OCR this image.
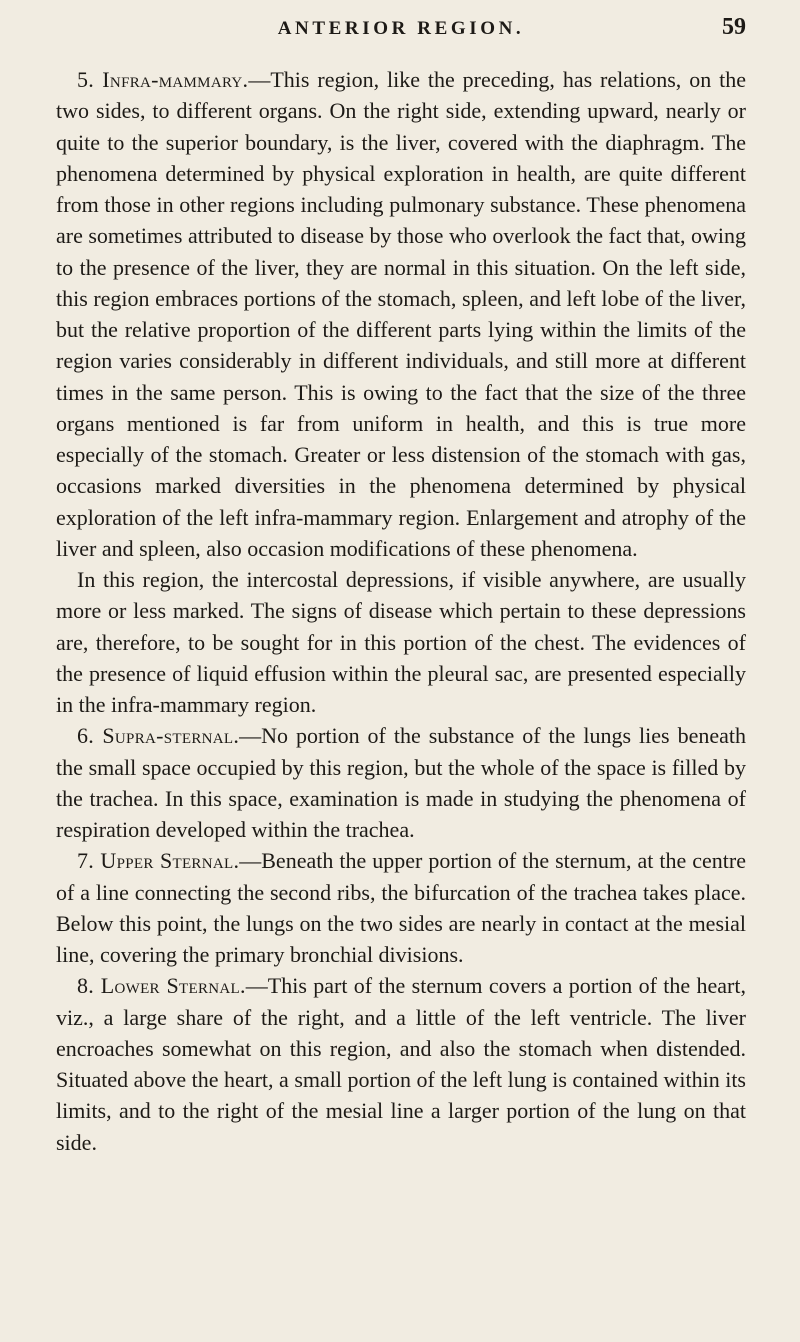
ANTERIOR REGION.	59

5. Infra-mammary.—This region, like the preceding, has relations, on the two sides, to different organs. On the right side, extending upward, nearly or quite to the superior boundary, is the liver, covered with the diaphragm. The phenomena determined by physical exploration in health, are quite different from those in other regions including pulmonary substance. These phenomena are sometimes attributed to disease by those who overlook the fact that, owing to the presence of the liver, they are normal in this situation. On the left side, this region embraces portions of the stomach, spleen, and left lobe of the liver, but the relative proportion of the different parts lying within the limits of the region varies considerably in different individuals, and still more at different times in the same person. This is owing to the fact that the size of the three organs mentioned is far from uniform in health, and this is true more especially of the stomach. Greater or less distension of the stomach with gas, occasions marked diversities in the phenomena determined by physical exploration of the left infra-mammary region. Enlargement and atrophy of the liver and spleen, also occasion modifications of these phenomena.

In this region, the intercostal depressions, if visible anywhere, are usually more or less marked. The signs of disease which pertain to these depressions are, therefore, to be sought for in this portion of the chest. The evidences of the presence of liquid effusion within the pleural sac, are presented especially in the infra-mammary region.

6. Supra-sternal.—No portion of the substance of the lungs lies beneath the small space occupied by this region, but the whole of the space is filled by the trachea. In this space, examination is made in studying the phenomena of respiration developed within the trachea.

7. Upper Sternal.—Beneath the upper portion of the sternum, at the centre of a line connecting the second ribs, the bifurcation of the trachea takes place. Below this point, the lungs on the two sides are nearly in contact at the mesial line, covering the primary bronchial divisions.

8. Lower Sternal.—This part of the sternum covers a portion of the heart, viz., a large share of the right, and a little of the left ventricle. The liver encroaches somewhat on this region, and also the stomach when distended. Situated above the heart, a small portion of the left lung is contained within its limits, and to the right of the mesial line a larger portion of the lung on that side.
